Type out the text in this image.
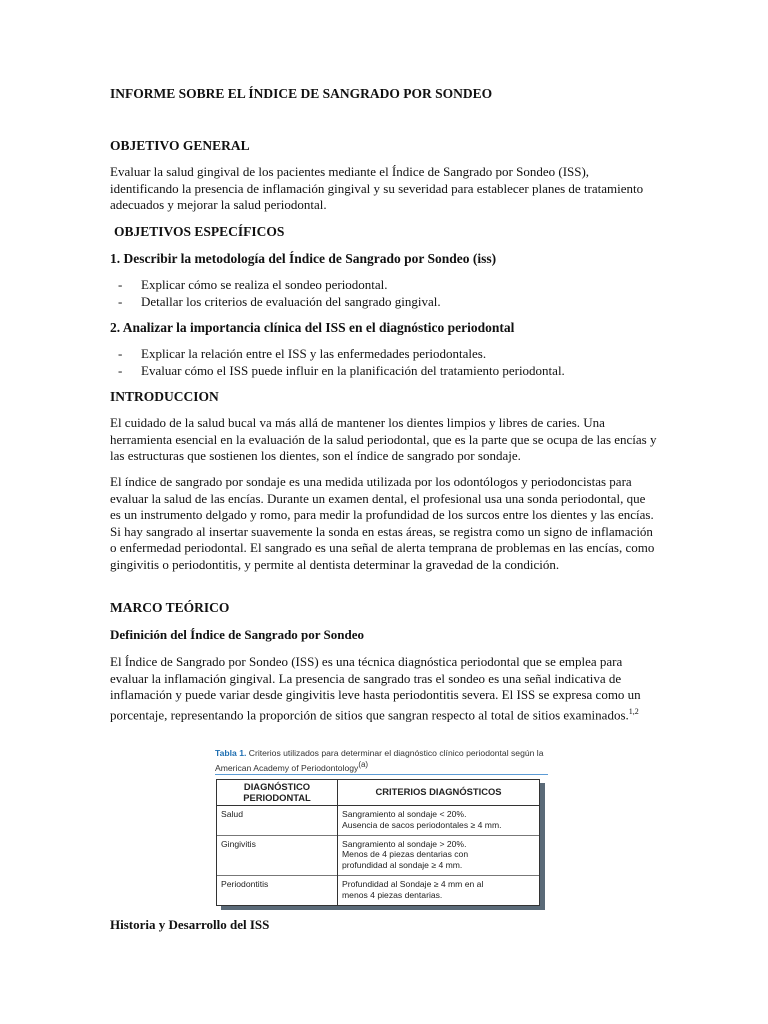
INFORME SOBRE EL ÍNDICE DE SANGRADO POR SONDEO
OBJETIVO GENERAL

Evaluar la salud gingival de los pacientes mediante el Índice de Sangrado por Sondeo (ISS), identificando la presencia de inflamación gingival y su severidad para establecer planes de tratamiento adecuados y mejorar la salud periodontal.

OBJETIVOS ESPECÍFICOS
1. Describir la metodología del Índice de Sangrado por Sondeo (iss)
- Explicar cómo se realiza el sondeo periodontal.
- Detallar los criterios de evaluación del sangrado gingival.
2. Analizar la importancia clínica del ISS en el diagnóstico periodontal
- Explicar la relación entre el ISS y las enfermedades periodontales.
- Evaluar cómo el ISS puede influir en la planificación del tratamiento periodontal.
INTRODUCCION

El cuidado de la salud bucal va más allá de mantener los dientes limpios y libres de caries. Una herramienta esencial en la evaluación de la salud periodontal, que es la parte que se ocupa de las encías y las estructuras que sostienen los dientes, son el índice de sangrado por sondaje.

El índice de sangrado por sondaje es una medida utilizada por los odontólogos y periodoncistas para evaluar la salud de las encías. Durante un examen dental, el profesional usa una sonda periodontal, que es un instrumento delgado y romo, para medir la profundidad de los surcos entre los dientes y las encías. Si hay sangrado al insertar suavemente la sonda en estas áreas, se registra como un signo de inflamación o enfermedad periodontal. El sangrado es una señal de alerta temprana de problemas en las encías, como gingivitis o periodontitis, y permite al dentista determinar la gravedad de la condición.

MARCO TEÓRICO
Definición del Índice de Sangrado por Sondeo

El Índice de Sangrado por Sondeo (ISS) es una técnica diagnóstica periodontal que se emplea para evaluar la inflamación gingival. La presencia de sangrado tras el sondeo es una señal indicativa de inflamación y puede variar desde gingivitis leve hasta periodontitis severa. El ISS se expresa como un porcentaje, representando la proporción de sitios que sangran respecto al total de sitios examinados.$^{1,2}$

Historia y Desarrollo del ISS

Tabla 1. Criterios utilizados para determinar el diagnóstico clínico periodontal según la American Academy of Periodontology$^{(a)}$

DIAGNÓSTICO PERIODONTAL	CRITERIOS DIAGNÓSTICOS
Salud	Sangramiento al sondaje < 20%.
Ausencia de sacos periodontales ≥ 4 mm.

Gingivitis	Sangramiento al sondaje > 20%.
Menos de 4 piezas dentarias con
profundidad al sondaje ≥ 4 mm.

Periodontitis	Profundidad al Sondaje ≥ 4 mm en al
menos 4 piezas dentarias.
